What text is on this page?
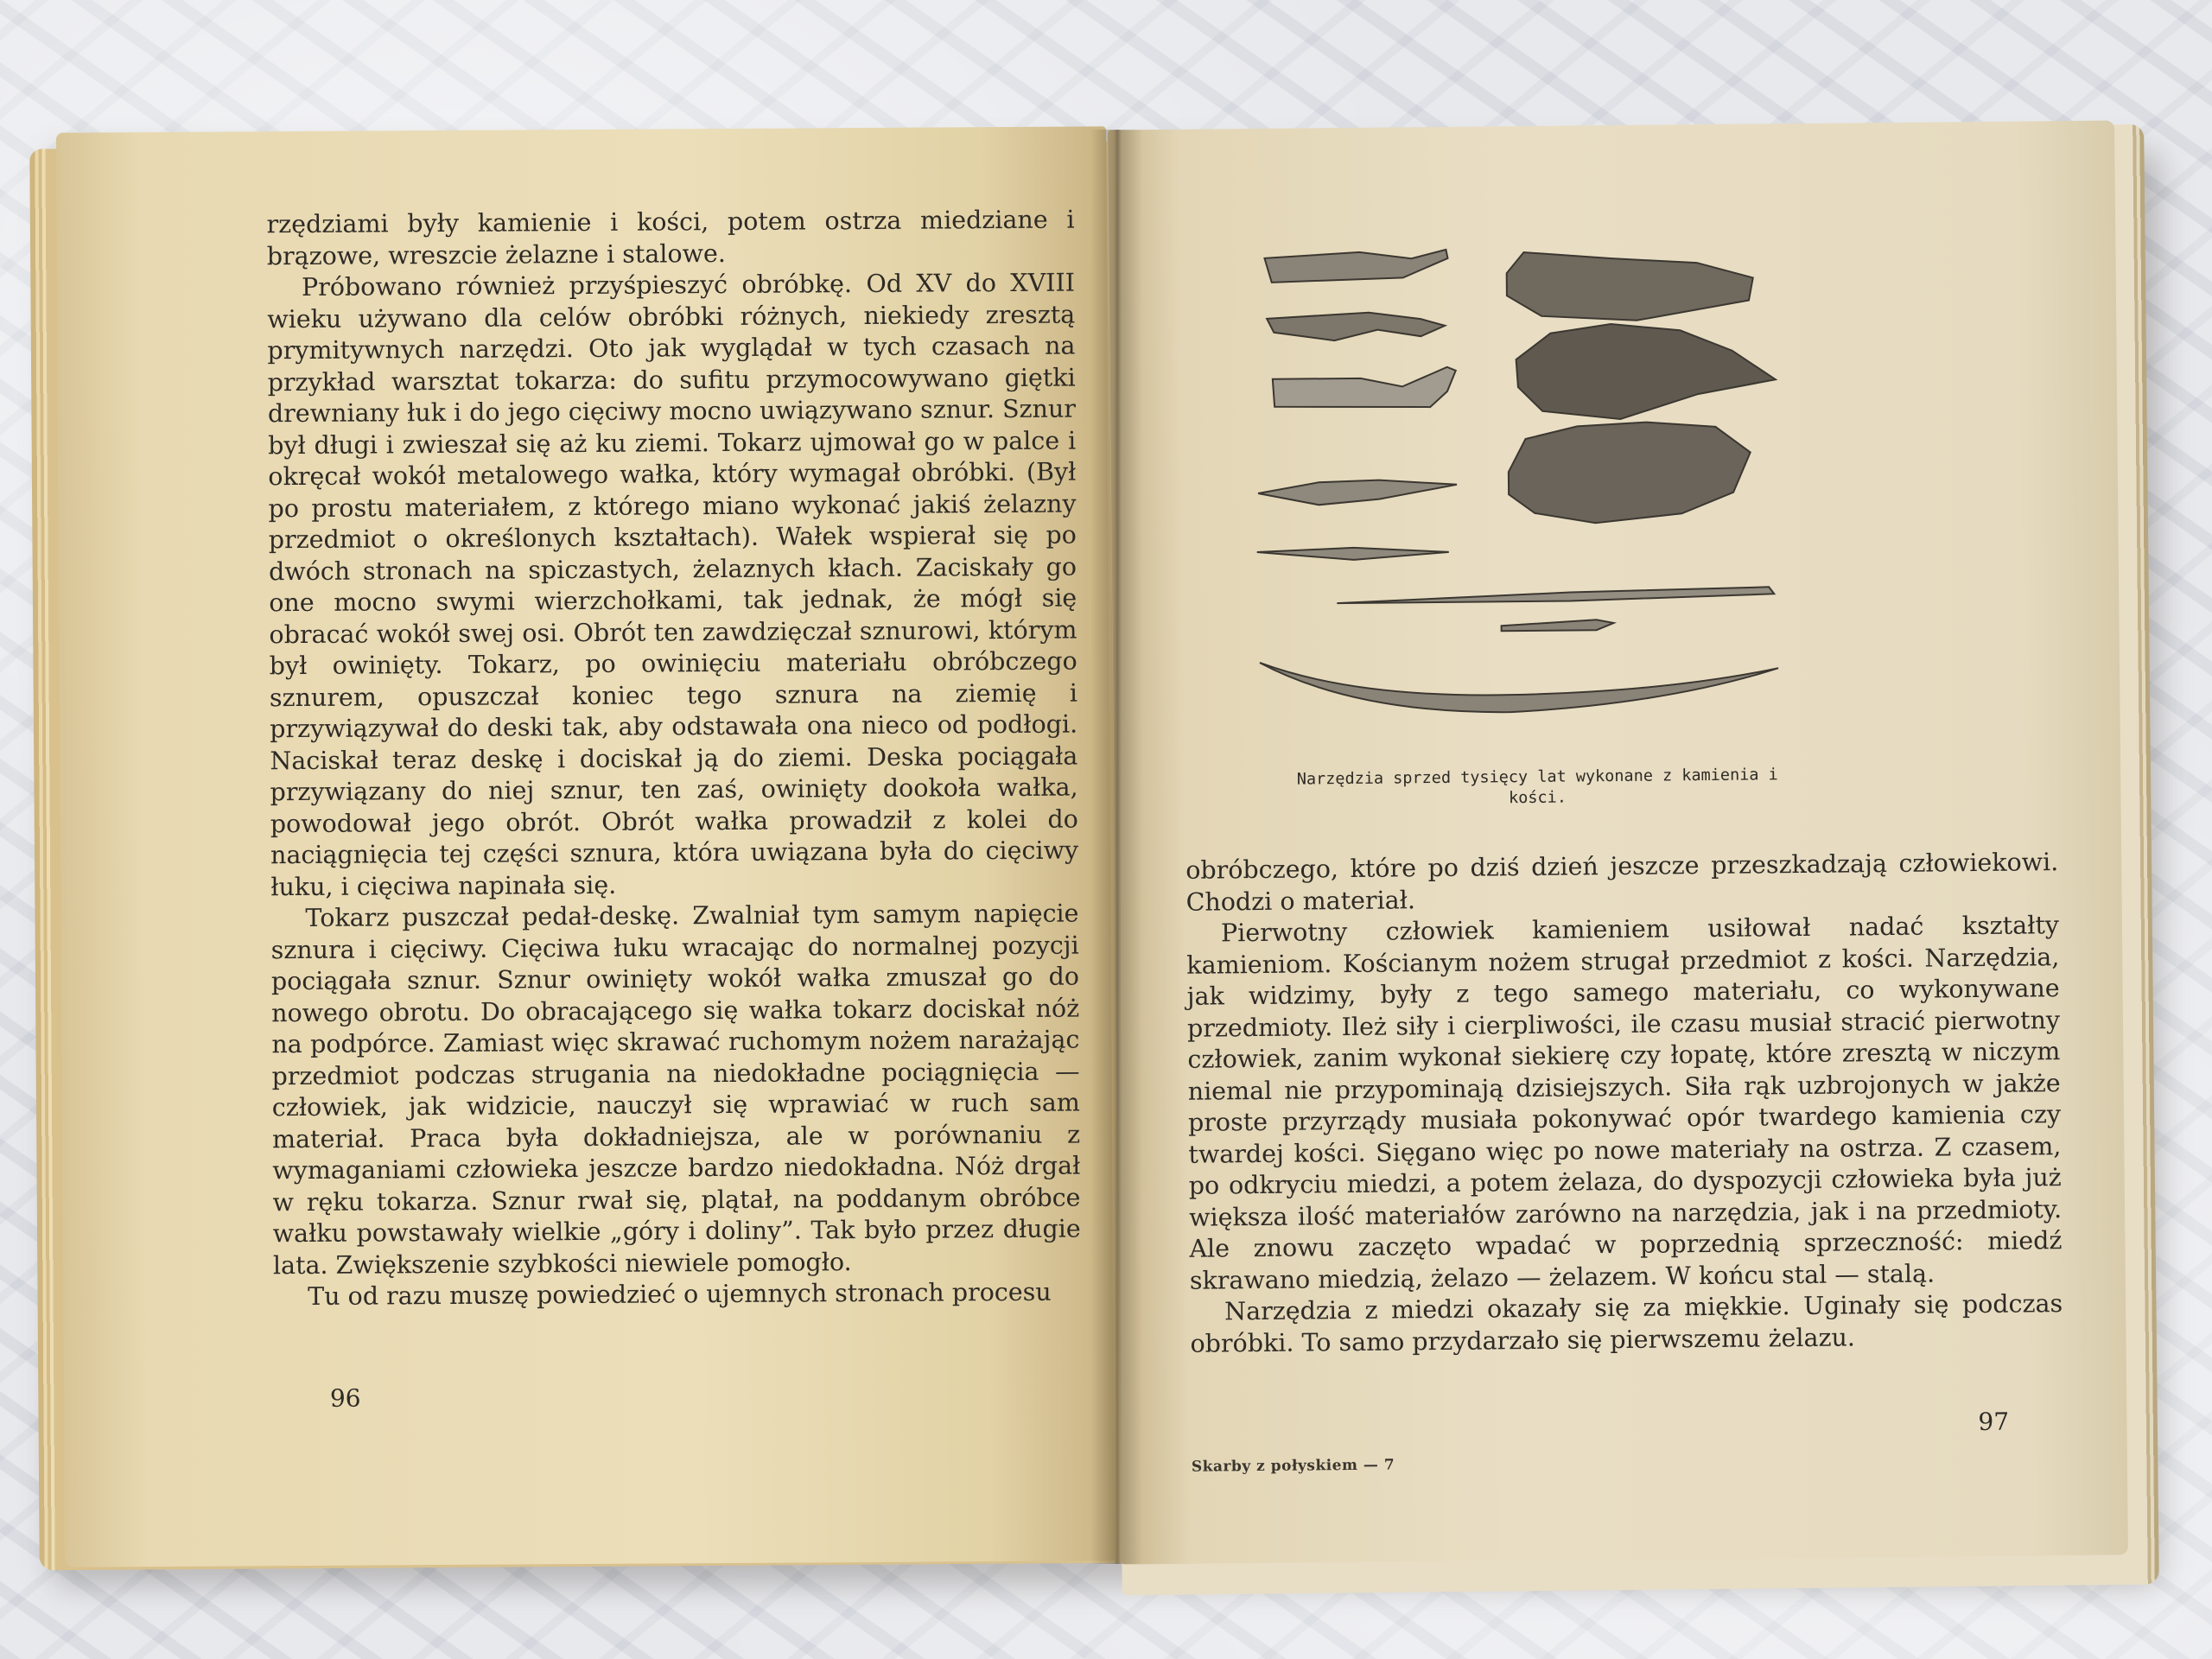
rzędziami były kamienie i kości, potem ostrza miedziane i brązowe, wreszcie żelazne i stalowe.

Próbowano również przyśpieszyć obróbkę. Od XV do XVIII wieku używano dla celów obróbki różnych, niekiedy zresztą prymitywnych narzędzi. Oto jak wyglądał w tych czasach na przykład warsztat tokarza: do sufitu przymocowywano giętki drewniany łuk i do jego cięciwy mocno uwiązywano sznur. Sznur był długi i zwieszał się aż ku ziemi. Tokarz ujmował go w palce i okręcał wokół metalowego wałka, który wymagał obróbki. (Był po prostu materiałem, z którego miano wykonać jakiś żelazny przedmiot o określonych kształtach). Wałek wspierał się po dwóch stronach na spiczastych, żelaznych kłach. Zaciskały go one mocno swymi wierzchołkami, tak jednak, że mógł się obracać wokół swej osi. Obrót ten zawdzięczał sznurowi, którym był owinięty. Tokarz, po owinięciu materiału obróbczego sznurem, opuszczał koniec tego sznura na ziemię i przywiązywał do deski tak, aby odstawała ona nieco od podłogi. Naciskał teraz deskę i dociskał ją do ziemi. Deska pociągała przywiązany do niej sznur, ten zaś, owinięty dookoła wałka, powodował jego obrót. Obrót wałka prowadził z kolei do naciągnięcia tej części sznura, która uwiązana była do cięciwy łuku, i cięciwa napinała się.

Tokarz puszczał pedał-deskę. Zwalniał tym samym napięcie sznura i cięciwy. Cięciwa łuku wracając do normalnej pozycji pociągała sznur. Sznur owinięty wokół wałka zmuszał go do nowego obrotu. Do obracającego się wałka tokarz dociskał nóż na podpórce. Zamiast więc skrawać ruchomym nożem narażając przedmiot podczas strugania na niedokładne pociągnięcia — człowiek, jak widzicie, nauczył się wprawiać w ruch sam materiał. Praca była dokładniejsza, ale w porównaniu z wymaganiami człowieka jeszcze bardzo niedokładna. Nóż drgał w ręku tokarza. Sznur rwał się, plątał, na poddanym obróbce wałku powstawały wielkie „góry i doliny”. Tak było przez długie lata. Zwiększenie szybkości niewiele pomogło.

Tu od razu muszę powiedzieć o ujemnych stronach procesu

96
Narzędzia sprzed tysięcy lat wykonane z kamienia i kości.

obróbczego, które po dziś dzień jeszcze przeszkadzają człowiekowi. Chodzi o materiał.

Pierwotny człowiek kamieniem usiłował nadać kształty kamieniom. Kościanym nożem strugał przedmiot z kości. Narzędzia, jak widzimy, były z tego samego materiału, co wykonywane przedmioty. Ileż siły i cierpliwości, ile czasu musiał stracić pierwotny człowiek, zanim wykonał siekierę czy łopatę, które zresztą w niczym niemal nie przypominają dzisiejszych. Siła rąk uzbrojonych w jakże proste przyrządy musiała pokonywać opór twardego kamienia czy twardej kości. Sięgano więc po nowe materiały na ostrza. Z czasem, po odkryciu miedzi, a potem żelaza, do dyspozycji człowieka była już większa ilość materiałów zarówno na narzędzia, jak i na przedmioty. Ale znowu zaczęto wpadać w poprzednią sprzeczność: miedź skrawano miedzią, żelazo — żelazem. W końcu stal — stalą.

Narzędzia z miedzi okazały się za miękkie. Uginały się podczas obróbki. To samo przydarzało się pierwszemu żelazu.

97
Skarby z połyskiem — 7
